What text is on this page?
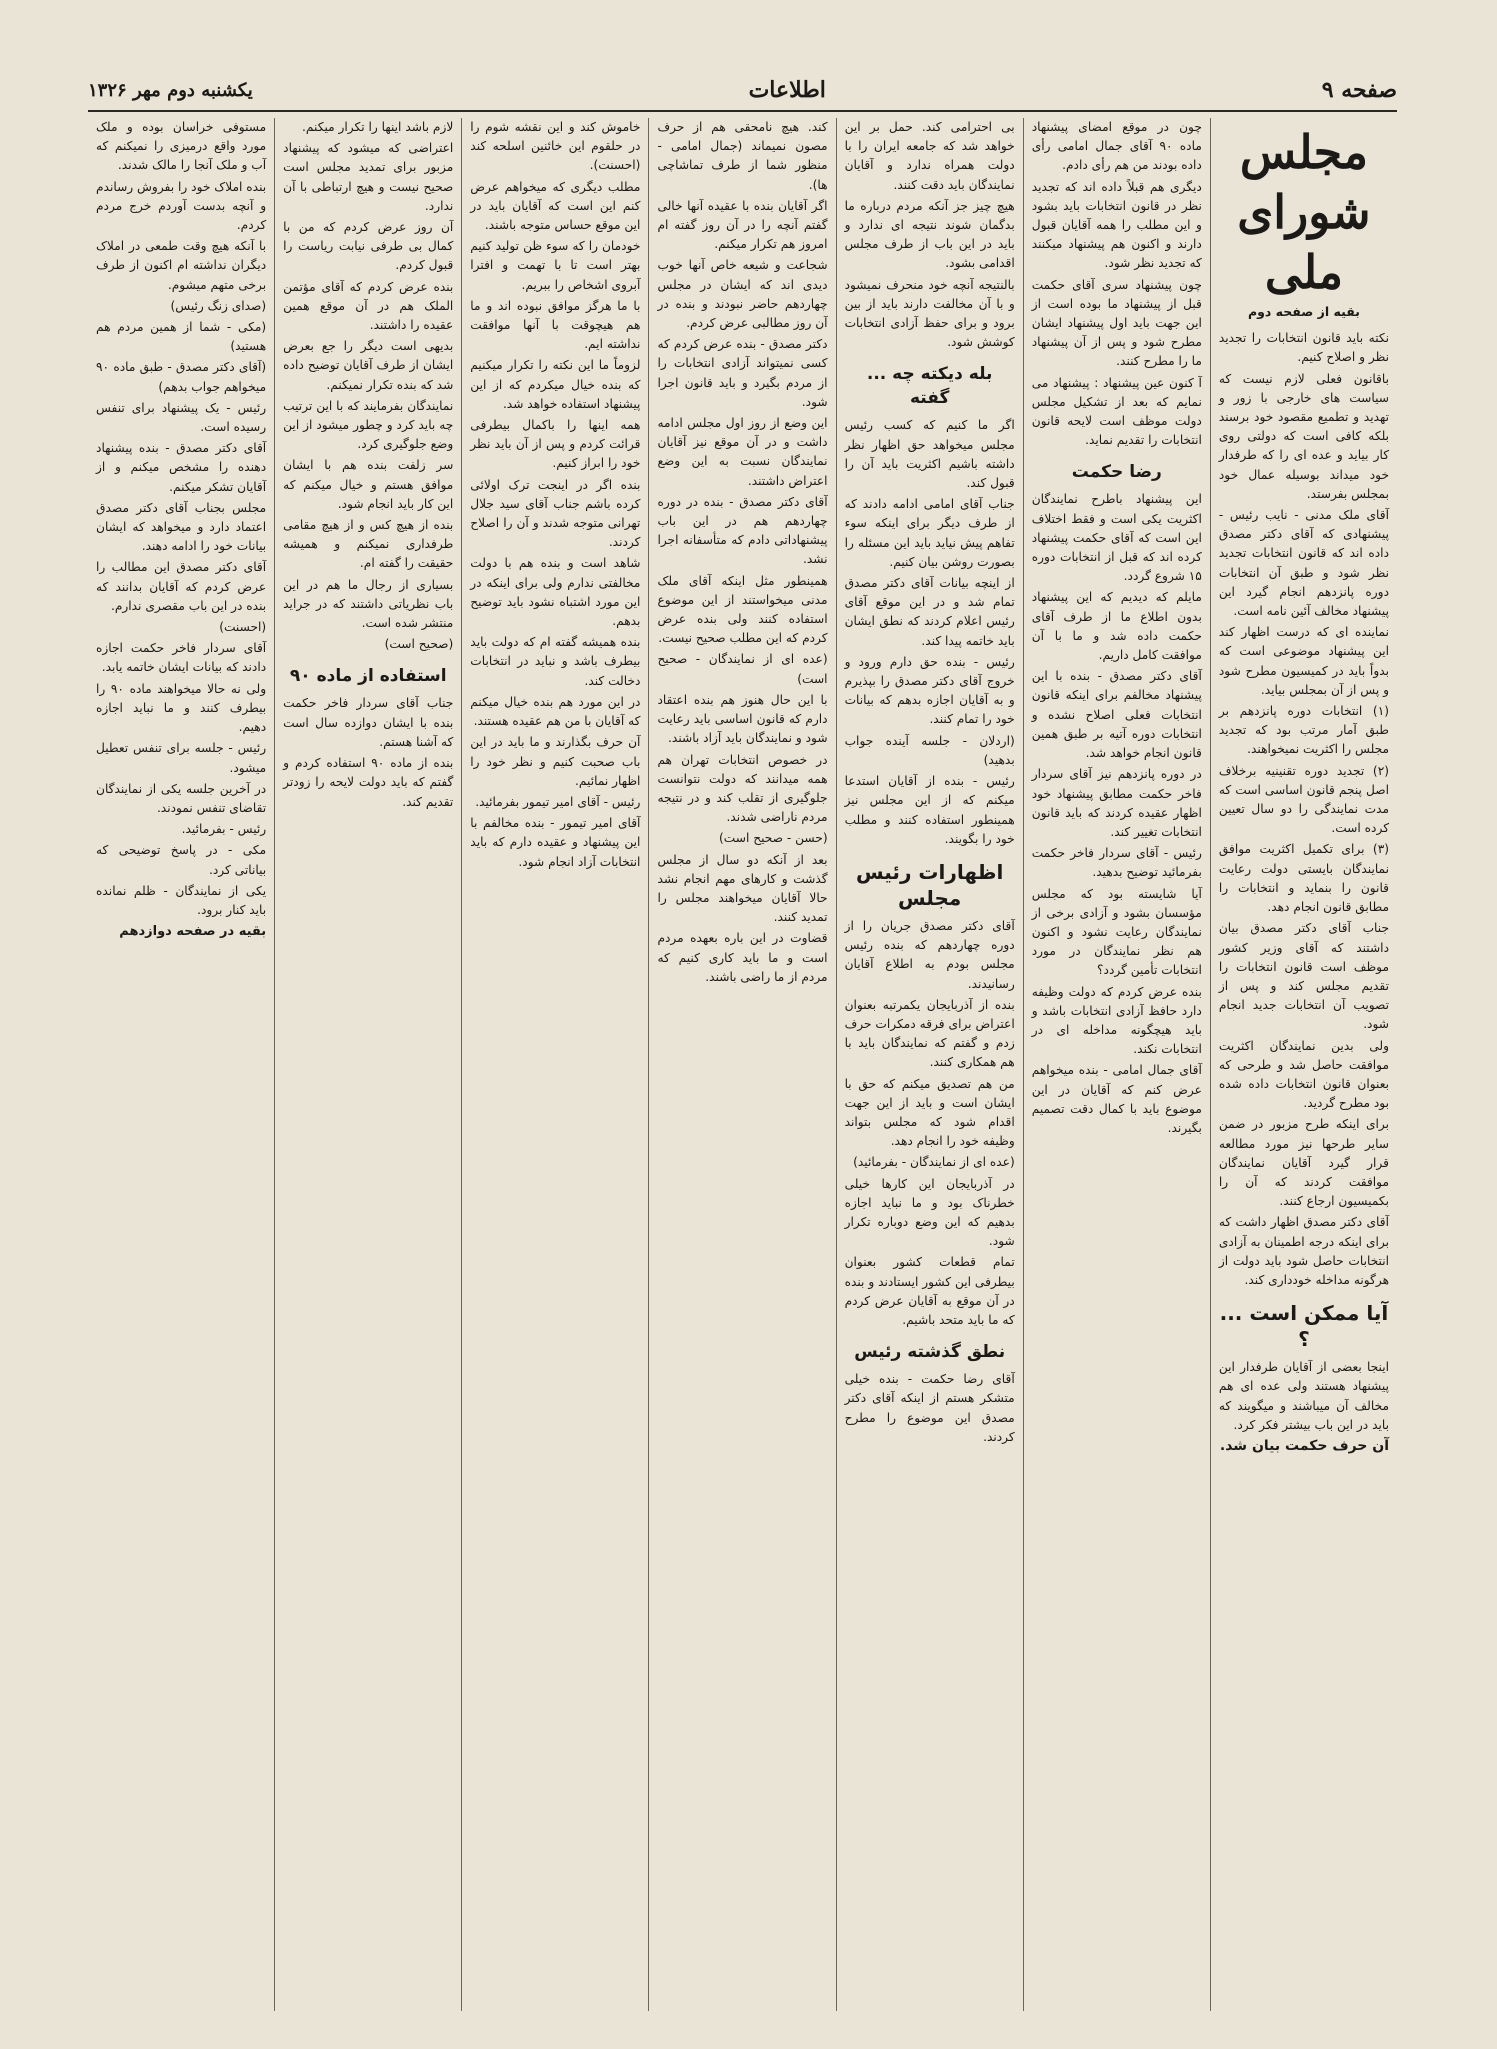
صفحه ۹
اطلاعات
یکشنبه دوم مهر ۱۳۲۶
مجلس شورای ملی
بقیه از صفحه دوم

نکته باید قانون انتخابات را تجدید نظر و اصلاح کنیم.

باقانون فعلی لازم نیست که سیاست های خارجی با زور و تهدید و تطمیع مقصود خود برسند بلکه کافی است که دولتی روی کار بیاید و عده ای را که طرفدار خود میداند بوسیله عمال خود بمجلس بفرستد.

آقای ملک مدنی - نایب رئیس - پیشنهادی که آقای دکتر مصدق داده اند که قانون انتخابات تجدید نظر شود و طبق آن انتخابات دوره پانزدهم انجام گیرد این پیشنهاد مخالف آئین نامه است.

نماینده ای که درست اظهار کند این پیشنهاد موضوعی است که بدواً باید در کمیسیون مطرح شود و پس از آن بمجلس بیاید.

(۱) انتخابات دوره پانزدهم بر طبق آمار مرتب بود که تجدید مجلس را اکثریت نمیخواهند.

(۲) تجدید دوره تقنینیه برخلاف اصل پنجم قانون اساسی است که مدت نمایندگی را دو سال تعیین کرده است.

(۳) برای تکمیل اکثریت موافق نمایندگان بایستی دولت رعایت قانون را بنماید و انتخابات را مطابق قانون انجام دهد.

جناب آقای دکتر مصدق بیان داشتند که آقای وزیر کشور موظف است قانون انتخابات را تقدیم مجلس کند و پس از تصویب آن انتخابات جدید انجام شود.

ولی بدین نمایندگان اکثریت موافقت حاصل شد و طرحی که بعنوان قانون انتخابات داده شده بود مطرح گردید.

برای اینکه طرح مزبور در ضمن سایر طرحها نیز مورد مطالعه قرار گیرد آقایان نمایندگان موافقت کردند که آن را بکمیسیون ارجاع کنند.

آقای دکتر مصدق اظهار داشت که برای اینکه درجه اطمینان به آزادی انتخابات حاصل شود باید دولت از هرگونه مداخله خودداری کند.

آیا ممکن است ... ؟

اینجا بعضی از آقایان طرفدار این پیشنهاد هستند ولی عده ای هم مخالف آن میباشند و میگویند که باید در این باب بیشتر فکر کرد.

آن حرف حکمت بیان شد.

چون در موقع امضای پیشنهاد ماده ۹۰ آقای جمال امامی رأی داده بودند من هم رأی دادم.

دیگری هم قبلاً داده اند که تجدید نظر در قانون انتخابات باید بشود و این مطلب را همه آقایان قبول دارند و اکنون هم پیشنهاد میکنند که تجدید نظر شود.

چون پیشنهاد سری آقای حکمت قبل از پیشنهاد ما بوده است از این جهت باید اول پیشنهاد ایشان مطرح شود و پس از آن پیشنهاد ما را مطرح کنند.

آ کنون عین پیشنهاد : پیشنهاد می نمایم که بعد از تشکیل مجلس دولت موظف است لایحه قانون انتخابات را تقدیم نماید.

رضا حکمت

این پیشنهاد باطرح نمایندگان اکثریت یکی است و فقط اختلاف این است که آقای حکمت پیشنهاد کرده اند که قبل از انتخابات دوره ۱۵ شروع گردد.

مایلم که دیدیم که این پیشنهاد بدون اطلاع ما از طرف آقای حکمت داده شد و ما با آن موافقت کامل داریم.

آقای دکتر مصدق - بنده با این پیشنهاد مخالفم برای اینکه قانون انتخابات فعلی اصلاح نشده و انتخابات دوره آتیه بر طبق همین قانون انجام خواهد شد.

در دوره پانزدهم نیز آقای سردار فاخر حکمت مطابق پیشنهاد خود اظهار عقیده کردند که باید قانون انتخابات تغییر کند.

رئیس - آقای سردار فاخر حکمت بفرمائید توضیح بدهید.

آیا شایسته بود که مجلس مؤسسان بشود و آزادی برخی از نمایندگان رعایت نشود و اکنون هم نظر نمایندگان در مورد انتخابات تأمین گردد؟

بنده عرض کردم که دولت وظیفه دارد حافظ آزادی انتخابات باشد و باید هیچگونه مداخله ای در انتخابات نکند.

آقای جمال امامی - بنده میخواهم عرض کنم که آقایان در این موضوع باید با کمال دقت تصمیم بگیرند.

بی احترامی کند. حمل بر این خواهد شد که جامعه ایران را با دولت همراه ندارد و آقایان نمایندگان باید دقت کنند.

هیچ چیز جز آنکه مردم درباره ما بدگمان شوند نتیجه ای ندارد و باید در این باب از طرف مجلس اقدامی بشود.

بالنتیجه آنچه خود منحرف نمیشود و با آن مخالفت دارند باید از بین برود و برای حفظ آزادی انتخابات کوشش شود.

بله دیکته چه ... گفته

اگر ما کنیم که کسب رئیس مجلس میخواهد حق اظهار نظر داشته باشیم اکثریت باید آن را قبول کند.

جناب آقای امامی ادامه دادند که از طرف دیگر برای اینکه سوء تفاهم پیش نیاید باید این مسئله را بصورت روشن بیان کنیم.

از اینچه بیانات آقای دکتر مصدق تمام شد و در این موقع آقای رئیس اعلام کردند که نطق ایشان باید خاتمه پیدا کند.

رئیس - بنده حق دارم ورود و خروج آقای دکتر مصدق را بپذیرم و به آقایان اجازه بدهم که بیانات خود را تمام کنند.

(اردلان - جلسه آینده جواب بدهید)

رئیس - بنده از آقایان استدعا میکنم که از این مجلس نیز همینطور استفاده کنند و مطلب خود را بگویند.

اظهارات رئیس مجلس

آقای دکتر مصدق جریان را از دوره چهاردهم که بنده رئیس مجلس بودم به اطلاع آقایان رسانیدند.

بنده از آذربایجان یکمرتبه بعنوان اعتراض برای فرقه دمکرات حرف زدم و گفتم که نمایندگان باید با هم همکاری کنند.

من هم تصدیق میکنم که حق با ایشان است و باید از این جهت اقدام شود که مجلس بتواند وظیفه خود را انجام دهد.

(عده ای از نمایندگان - بفرمائید)

در آذربایجان این کارها خیلی خطرناک بود و ما نباید اجازه بدهیم که این وضع دوباره تکرار شود.

تمام قطعات کشور بعنوان بیطرفی این کشور ایستادند و بنده در آن موقع به آقایان عرض کردم که ما باید متحد باشیم.

نطق گذشته رئیس

آقای رضا حکمت - بنده خیلی متشکر هستم از اینکه آقای دکتر مصدق این موضوع را مطرح کردند.

کند. هیچ نامحقی هم از حرف مصون نمیماند (جمال امامی - منظور شما از طرف تماشاچی ها).

اگر آقایان بنده با عقیده آنها خالی گفتم آنچه را در آن روز گفته ام امروز هم تکرار میکنم.

شجاعت و شیعه خاص آنها خوب دیدی اند که ایشان در مجلس چهاردهم حاضر نبودند و بنده در آن روز مطالبی عرض کردم.

دکتر مصدق - بنده عرض کردم که کسی نمیتواند آزادی انتخابات را از مردم بگیرد و باید قانون اجرا شود.

این وضع از روز اول مجلس ادامه داشت و در آن موقع نیز آقایان نمایندگان نسبت به این وضع اعتراض داشتند.

آقای دکتر مصدق - بنده در دوره چهاردهم هم در این باب پیشنهاداتی دادم که متأسفانه اجرا نشد.

همینطور مثل اینکه آقای ملک مدنی میخواستند از این موضوع استفاده کنند ولی بنده عرض کردم که این مطلب صحیح نیست.

(عده ای از نمایندگان - صحیح است)

با این حال هنوز هم بنده اعتقاد دارم که قانون اساسی باید رعایت شود و نمایندگان باید آزاد باشند.

در خصوص انتخابات تهران هم همه میدانند که دولت نتوانست جلوگیری از تقلب کند و در نتیجه مردم ناراضی شدند.

(حسن - صحیح است)

بعد از آنکه دو سال از مجلس گذشت و کارهای مهم انجام نشد حالا آقایان میخواهند مجلس را تمدید کنند.

قضاوت در این باره بعهده مردم است و ما باید کاری کنیم که مردم از ما راضی باشند.

خاموش کند و این نقشه شوم را در حلقوم این خائنین اسلحه کند (احسنت).

مطلب دیگری که میخواهم عرض کنم این است که آقایان باید در این موقع حساس متوجه باشند.

خودمان را که سوء ظن تولید کنیم بهتر است تا با تهمت و افترا آبروی اشخاص را ببریم.

با ما هرگز موافق نبوده اند و ما هم هیچوقت با آنها موافقت نداشته ایم.

لزوماً ما این نکته را تکرار میکنیم که بنده خیال میکردم که از این پیشنهاد استفاده خواهد شد.

همه اینها را باکمال بیطرفی قرائت کردم و پس از آن باید نظر خود را ابراز کنیم.

بنده اگر در اینجت ترک اولائی کرده باشم جناب آقای سید جلال تهرانی متوجه شدند و آن را اصلاح کردند.

شاهد است و بنده هم با دولت مخالفتی ندارم ولی برای اینکه در این مورد اشتباه نشود باید توضیح بدهم.

بنده همیشه گفته ام که دولت باید بیطرف باشد و نباید در انتخابات دخالت کند.

در این مورد هم بنده خیال میکنم که آقایان با من هم عقیده هستند.

آن حرف بگذارند و ما باید در این باب صحبت کنیم و نظر خود را اظهار نمائیم.

رئیس - آقای امیر تیمور بفرمائید.

آقای امیر تیمور - بنده مخالفم با این پیشنهاد و عقیده دارم که باید انتخابات آزاد انجام شود.

لازم باشد اینها را تکرار میکنم.

اعتراضی که میشود که پیشنهاد مزبور برای تمدید مجلس است صحیح نیست و هیچ ارتباطی با آن ندارد.

آن روز عرض کردم که من با کمال بی طرفی نیابت ریاست را قبول کردم.

بنده عرض کردم که آقای مؤتمن الملک هم در آن موقع همین عقیده را داشتند.

بدیهی است دیگر را جع بعرض ایشان از طرف آقایان توضیح داده شد که بنده تکرار نمیکنم.

نمایندگان بفرمایند که با این ترتیب چه باید کرد و چطور میشود از این وضع جلوگیری کرد.

سر زلفت بنده هم با ایشان موافق هستم و خیال میکنم که این کار باید انجام شود.

بنده از هیچ کس و از هیچ مقامی طرفداری نمیکنم و همیشه حقیقت را گفته ام.

بسیاری از رجال ما هم در این باب نظریاتی داشتند که در جراید منتشر شده است.

(صحیح است)

استفاده از ماده ۹۰

جناب آقای سردار فاخر حکمت بنده با ایشان دوازده سال است که آشنا هستم.

بنده از ماده ۹۰ استفاده کردم و گفتم که باید دولت لایحه را زودتر تقدیم کند.

مستوفی خراسان بوده و ملک مورد واقع درمیزی را نمیکنم که آب و ملک آنجا را مالک شدند.

بنده املاک خود را بفروش رساندم و آنچه بدست آوردم خرج مردم کردم.

با آنکه هیچ وقت طمعی در املاک دیگران نداشته ام اکنون از طرف برخی متهم میشوم.

(صدای زنگ رئیس)

(مکی - شما از همین مردم هم هستید)

(آقای دکتر مصدق - طبق ماده ۹۰ میخواهم جواب بدهم)

رئیس - یک پیشنهاد برای تنفس رسیده است.

آقای دکتر مصدق - بنده پیشنهاد دهنده را مشخص میکنم و از آقایان تشکر میکنم.

مجلس بجناب آقای دکتر مصدق اعتماد دارد و میخواهد که ایشان بیانات خود را ادامه دهند.

آقای دکتر مصدق این مطالب را عرض کردم که آقایان بدانند که بنده در این باب مقصری ندارم.

(احسنت)

آقای سردار فاخر حکمت اجازه دادند که بیانات ایشان خاتمه یابد.

ولی نه حالا میخواهند ماده ۹۰ را بیطرف کنند و ما نباید اجازه دهیم.

رئیس - جلسه برای تنفس تعطیل میشود.

در آخرین جلسه یکی از نمایندگان تقاضای تنفس نمودند.

رئیس - بفرمائید.

مکی - در پاسخ توضیحی که بیاناتی کرد.

یکی از نمایندگان - ظلم نمانده باید کنار برود.

بقیه در صفحه دوازدهم
